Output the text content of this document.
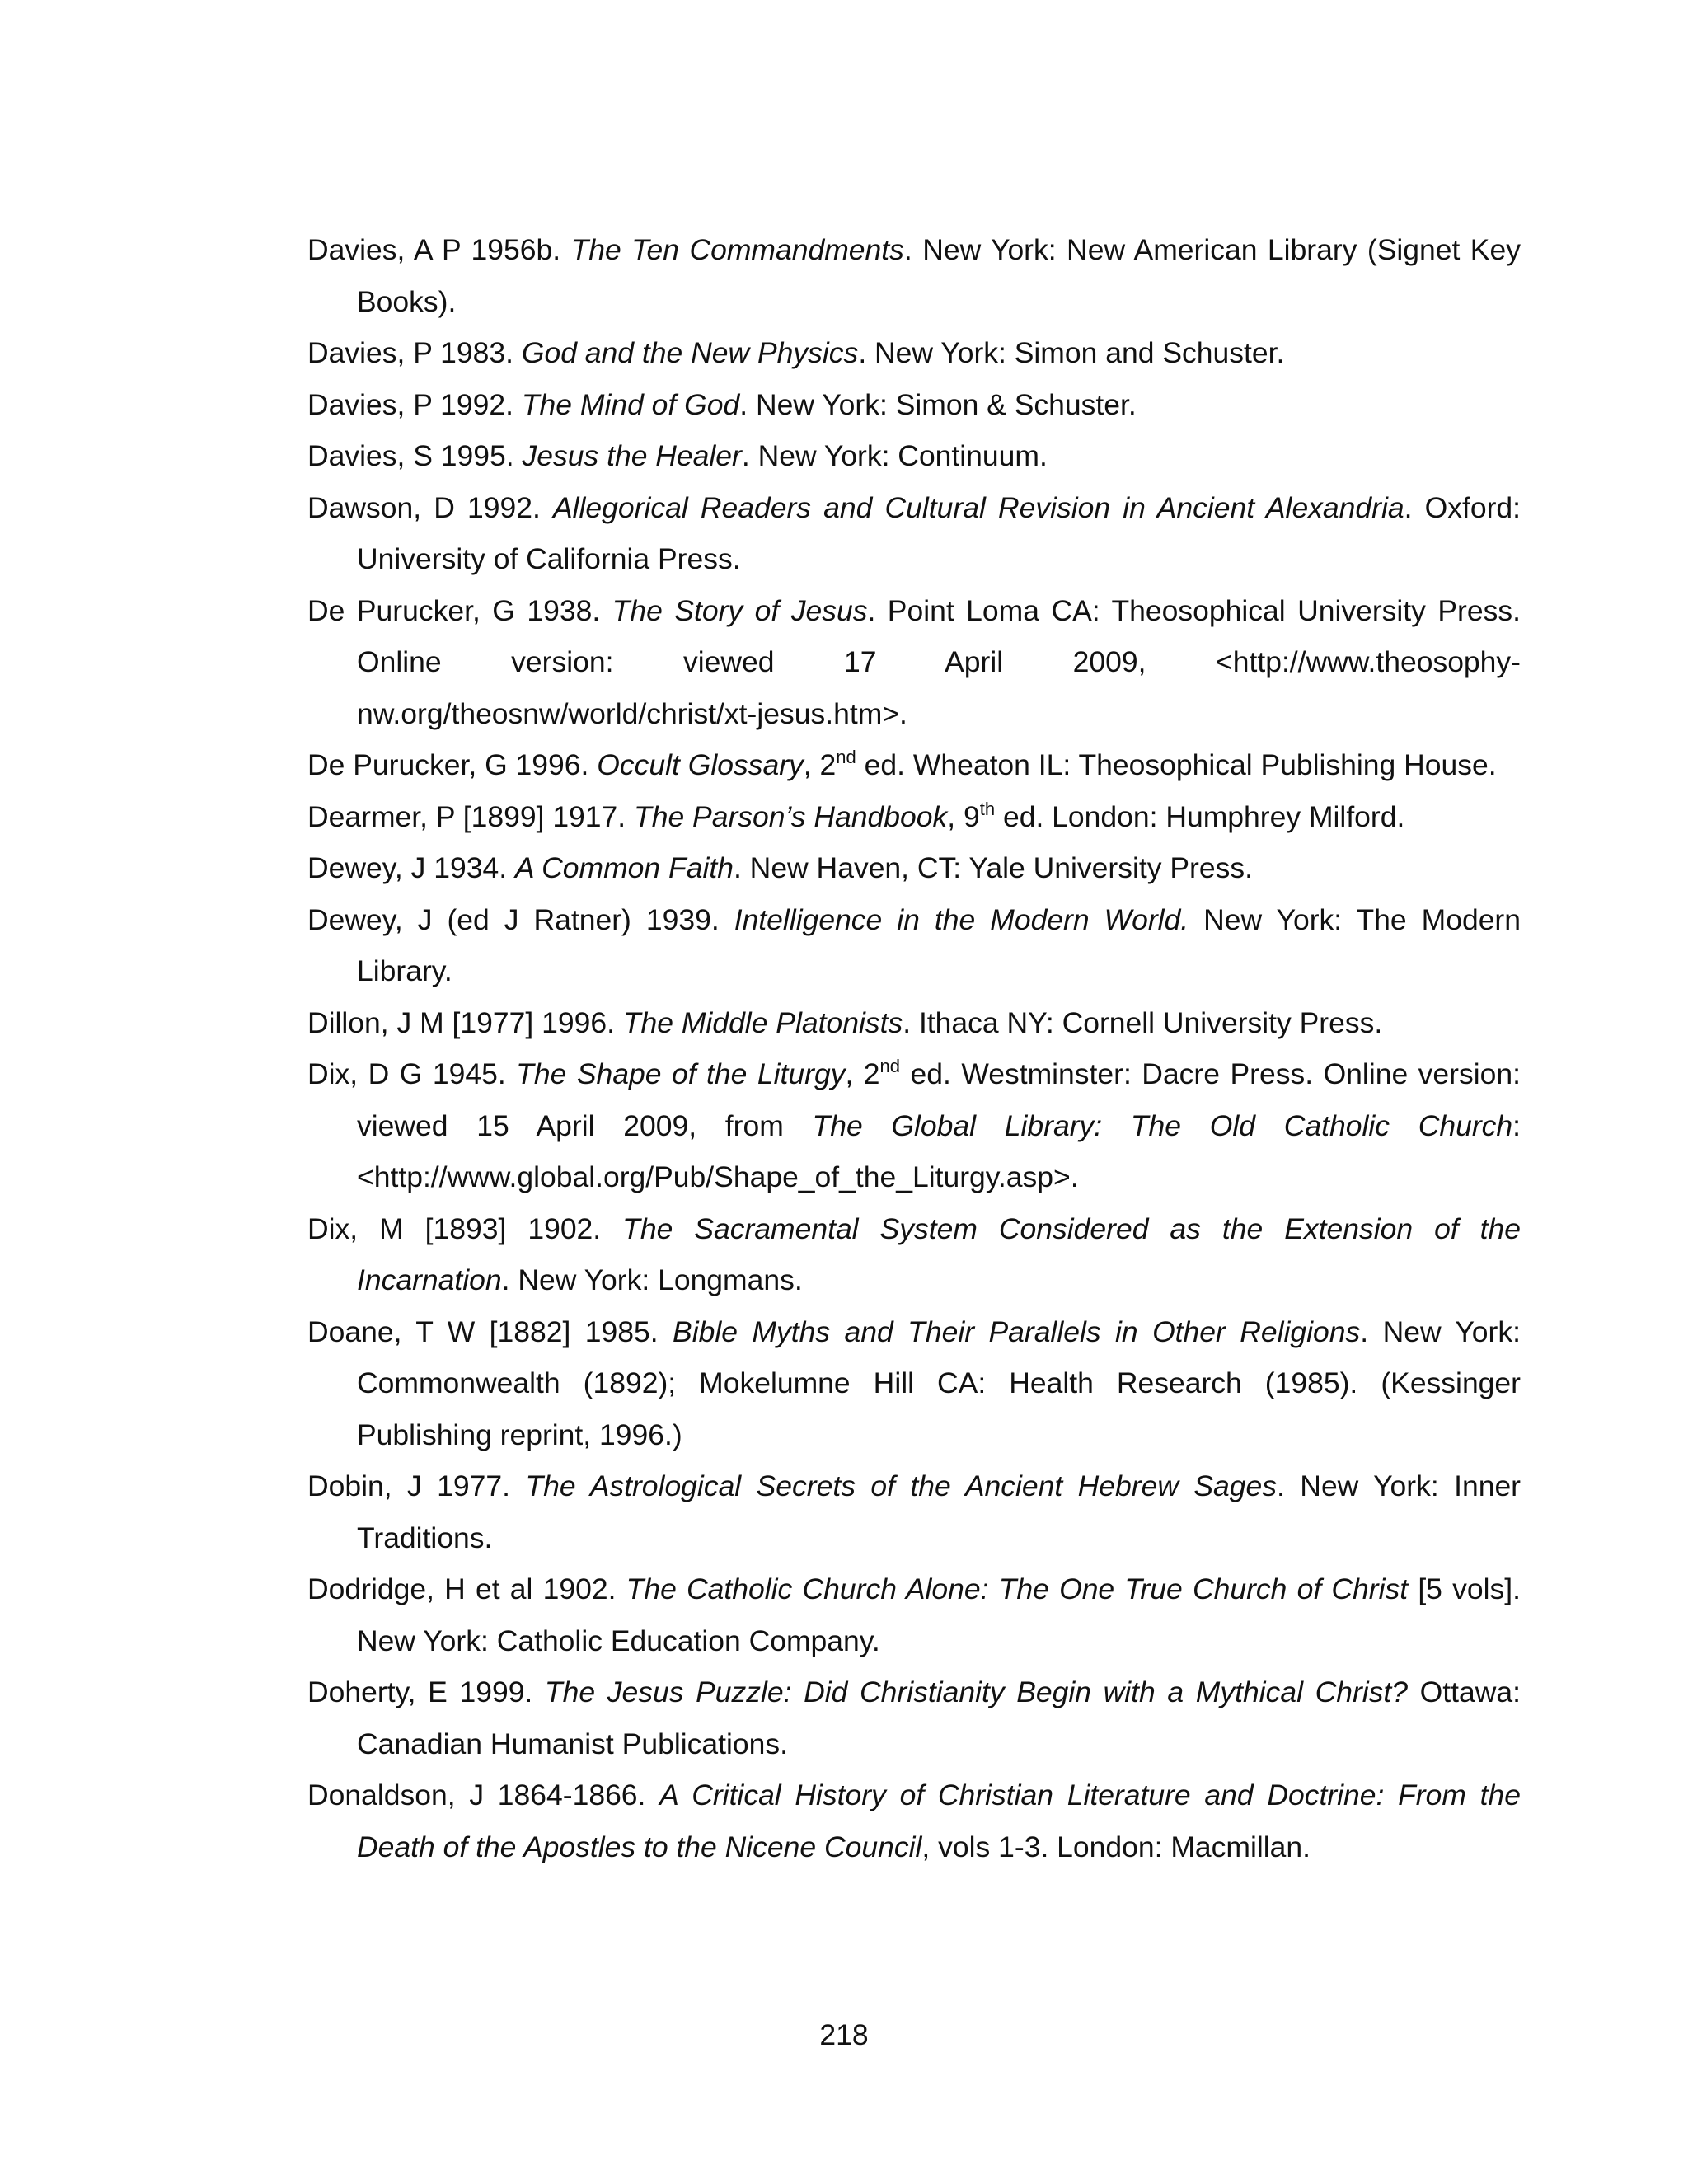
Davies, A P 1956b. The Ten Commandments. New York: New American Library (Signet Key Books).

Davies, P 1983. God and the New Physics. New York: Simon and Schuster.

Davies, P 1992. The Mind of God. New York: Simon & Schuster.

Davies, S 1995. Jesus the Healer. New York: Continuum.

Dawson, D 1992. Allegorical Readers and Cultural Revision in Ancient Alexandria. Oxford: University of California Press.

De Purucker, G 1938. The Story of Jesus. Point Loma CA: Theosophical University Press. Online version: viewed 17 April 2009, <http://www.theosophy-nw.org/theosnw/world/christ/xt-jesus.htm>.

De Purucker, G 1996. Occult Glossary, 2nd ed. Wheaton IL: Theosophical Publishing House.

Dearmer, P [1899] 1917. The Parson’s Handbook, 9th ed. London: Humphrey Milford.

Dewey, J 1934. A Common Faith. New Haven, CT: Yale University Press.

Dewey, J (ed J Ratner) 1939. Intelligence in the Modern World. New York: The Modern Library.

Dillon, J M [1977] 1996. The Middle Platonists. Ithaca NY: Cornell University Press.

Dix, D G 1945. The Shape of the Liturgy, 2nd ed. Westminster: Dacre Press. Online version: viewed 15 April 2009, from The Global Library: The Old Catholic Church: <http://www.global.org/Pub/Shape_of_the_Liturgy.asp>.

Dix, M [1893] 1902. The Sacramental System Considered as the Extension of the Incarnation. New York: Longmans.

Doane, T W [1882] 1985. Bible Myths and Their Parallels in Other Religions. New York: Commonwealth (1892); Mokelumne Hill CA: Health Research (1985). (Kessinger Publishing reprint, 1996.)

Dobin, J 1977. The Astrological Secrets of the Ancient Hebrew Sages. New York: Inner Traditions.

Dodridge, H et al 1902. The Catholic Church Alone: The One True Church of Christ [5 vols]. New York: Catholic Education Company.

Doherty, E 1999. The Jesus Puzzle: Did Christianity Begin with a Mythical Christ? Ottawa: Canadian Humanist Publications.

Donaldson, J 1864-1866. A Critical History of Christian Literature and Doctrine: From the Death of the Apostles to the Nicene Council, vols 1-3. London: Macmillan.

218
